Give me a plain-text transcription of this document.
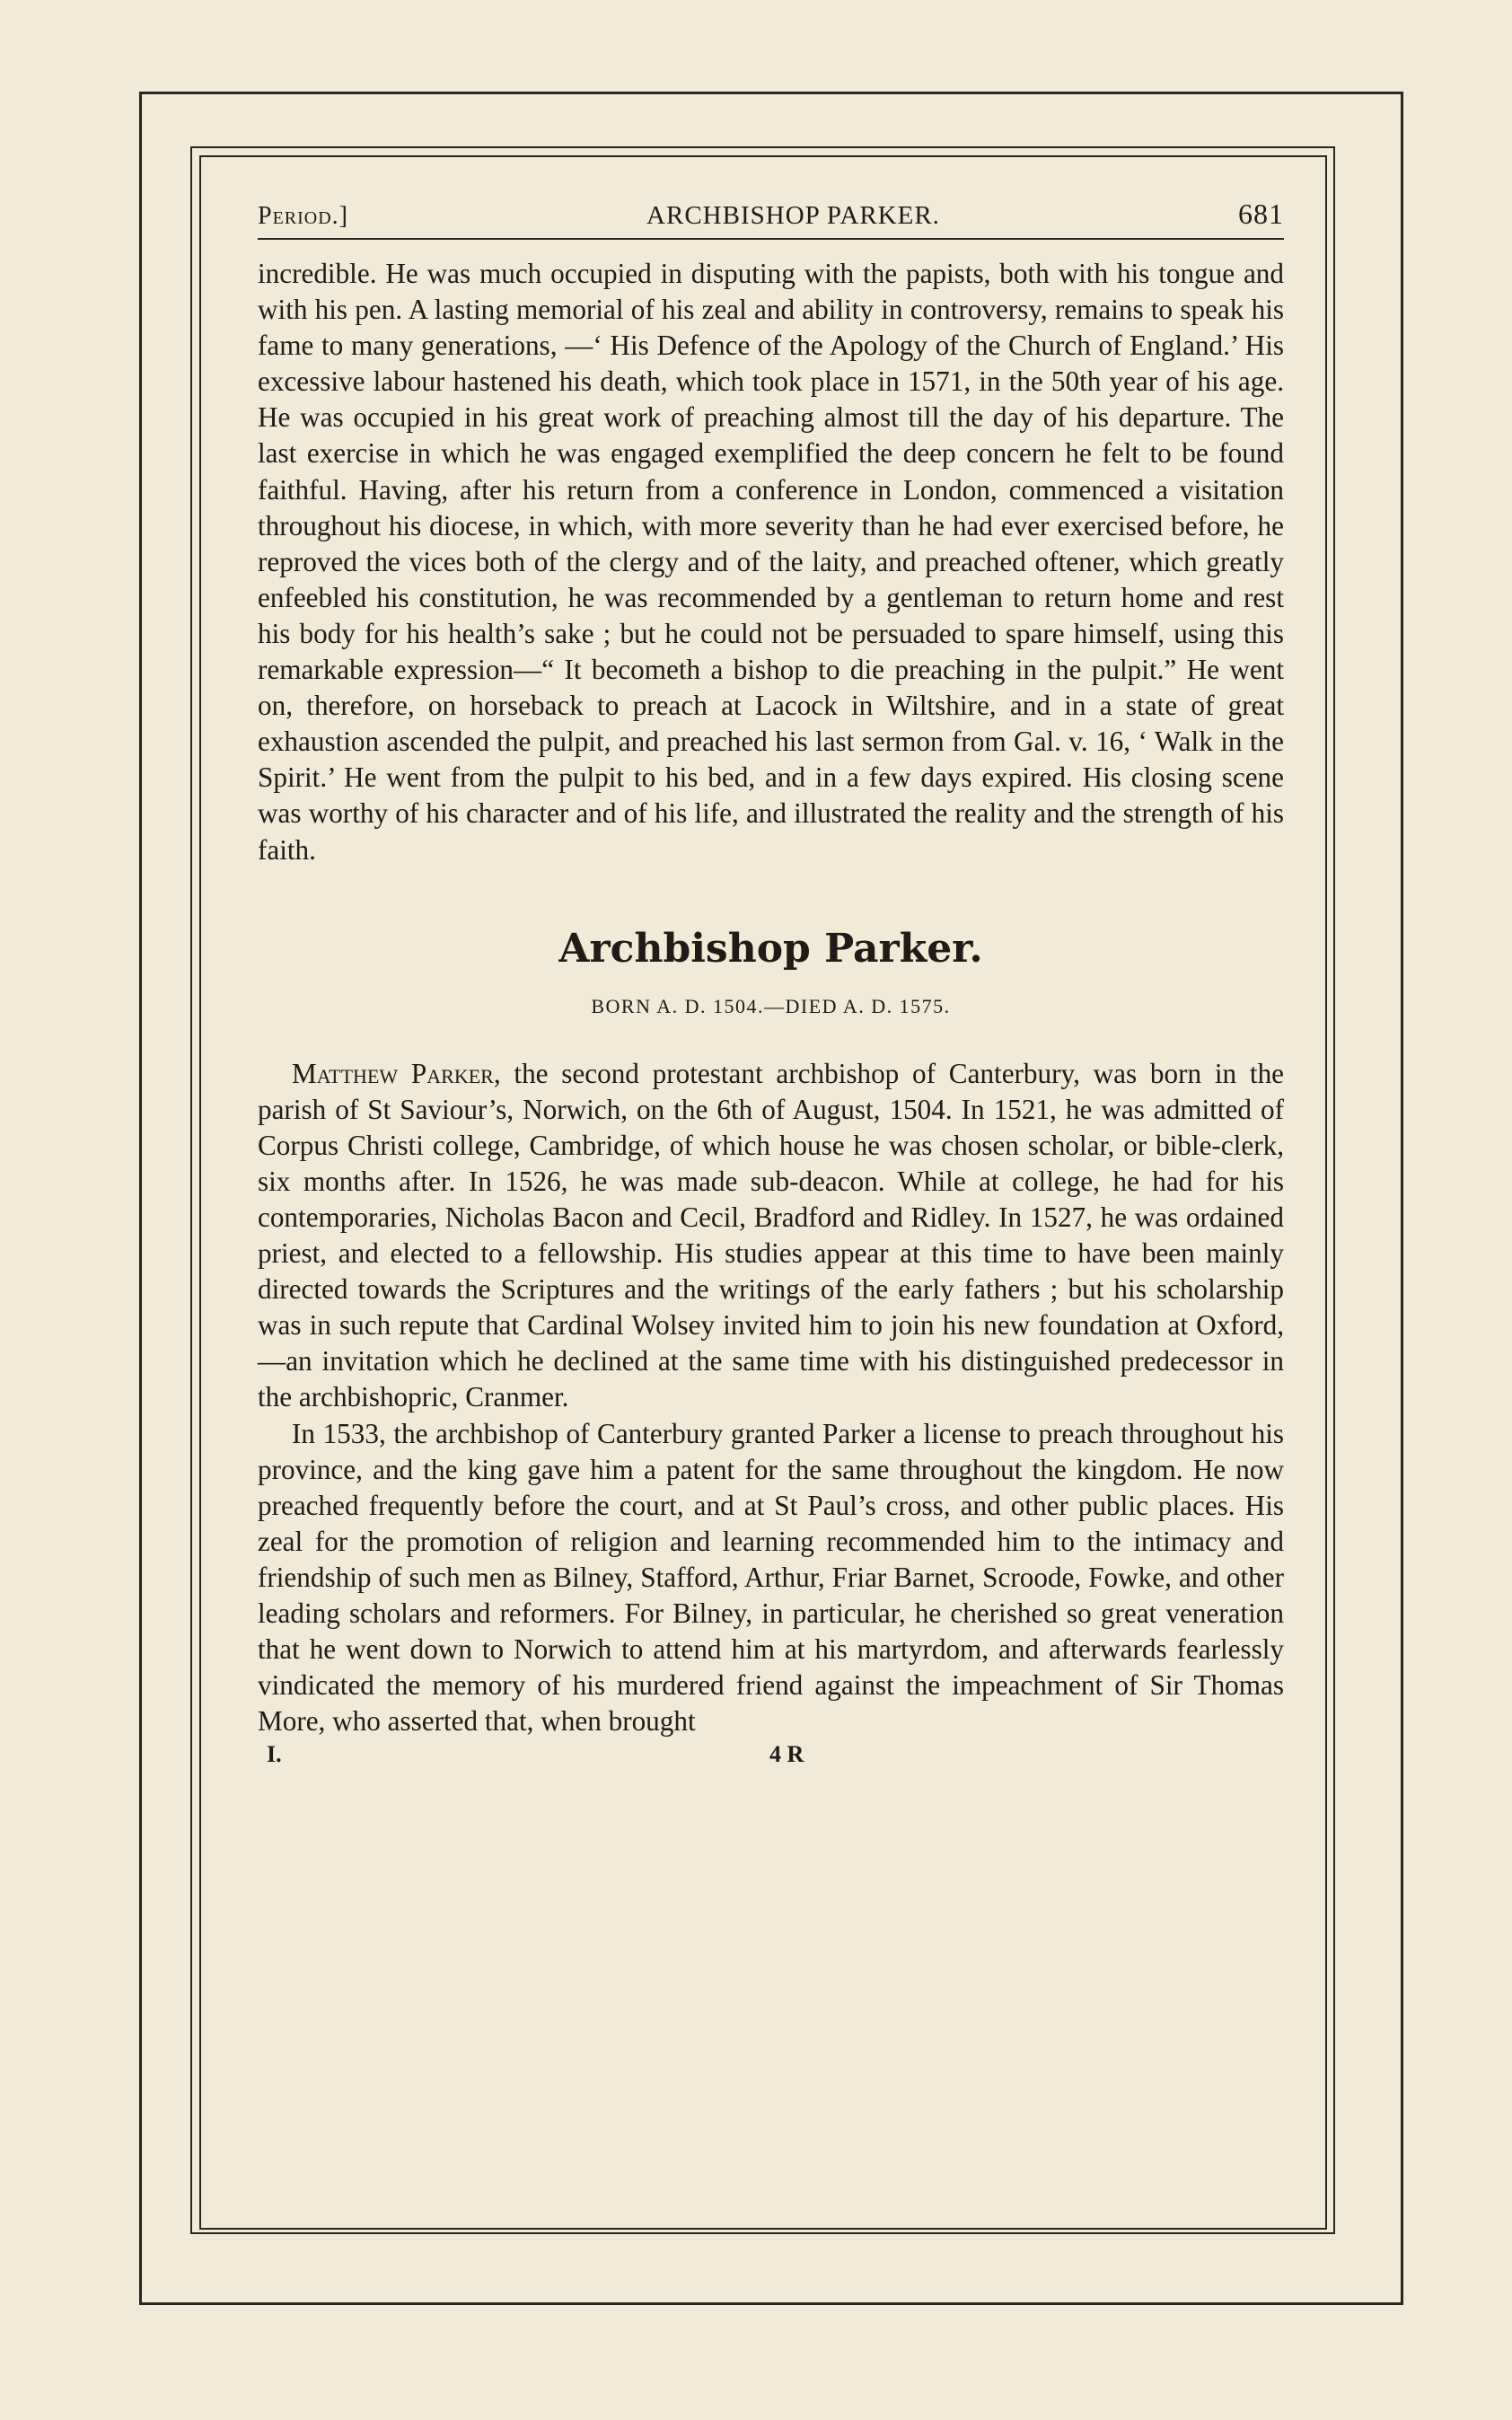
Period.]	ARCHBISHOP PARKER.	681

incredible. He was much occupied in disputing with the papists, both with his tongue and with his pen. A lasting memorial of his zeal and ability in controversy, remains to speak his fame to many generations, —‘ His Defence of the Apology of the Church of England.’ His excessive labour hastened his death, which took place in 1571, in the 50th year of his age. He was occupied in his great work of preaching almost till the day of his departure. The last exercise in which he was engaged exemplified the deep concern he felt to be found faithful. Having, after his return from a conference in London, commenced a visitation throughout his diocese, in which, with more severity than he had ever exercised before, he reproved the vices both of the clergy and of the laity, and preached oftener, which greatly enfeebled his constitution, he was recommended by a gentleman to return home and rest his body for his health’s sake ; but he could not be persuaded to spare himself, using this remarkable expression—“ It becometh a bishop to die preaching in the pulpit.” He went on, therefore, on horseback to preach at Lacock in Wiltshire, and in a state of great exhaustion ascended the pulpit, and preached his last sermon from Gal. v. 16, ‘ Walk in the Spirit.’ He went from the pulpit to his bed, and in a few days expired. His closing scene was worthy of his character and of his life, and illustrated the reality and the strength of his faith.

Archbishop Parker.
BORN A. D. 1504.—DIED A. D. 1575.

Matthew Parker, the second protestant archbishop of Canterbury, was born in the parish of St Saviour’s, Norwich, on the 6th of August, 1504. In 1521, he was admitted of Corpus Christi college, Cambridge, of which house he was chosen scholar, or bible-clerk, six months after. In 1526, he was made sub-deacon. While at college, he had for his contemporaries, Nicholas Bacon and Cecil, Bradford and Ridley. In 1527, he was ordained priest, and elected to a fellowship. His studies appear at this time to have been mainly directed towards the Scriptures and the writings of the early fathers ; but his scholarship was in such repute that Cardinal Wolsey invited him to join his new foundation at Oxford,—an invitation which he declined at the same time with his distinguished predecessor in the archbishopric, Cranmer.

In 1533, the archbishop of Canterbury granted Parker a license to preach throughout his province, and the king gave him a patent for the same throughout the kingdom. He now preached frequently before the court, and at St Paul’s cross, and other public places. His zeal for the promotion of religion and learning recommended him to the intimacy and friendship of such men as Bilney, Stafford, Arthur, Friar Barnet, Scroode, Fowke, and other leading scholars and reformers. For Bilney, in particular, he cherished so great veneration that he went down to Norwich to attend him at his martyrdom, and afterwards fearlessly vindicated the memory of his murdered friend against the impeachment of Sir Thomas More, who asserted that, when brought

I.	4 R
